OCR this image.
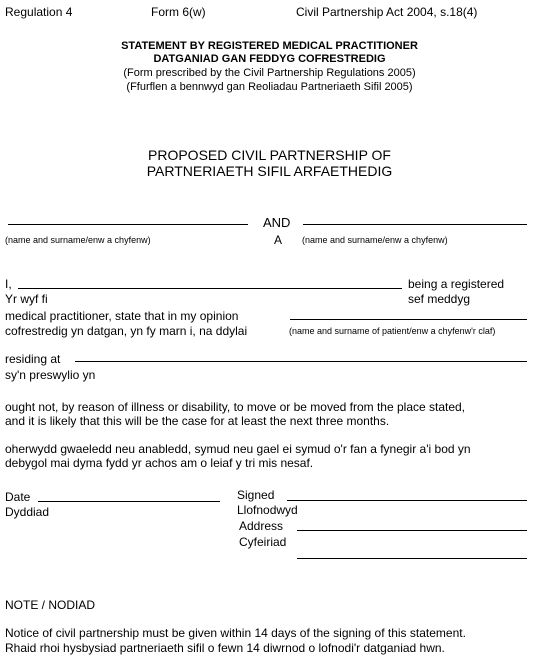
Regulation 4	Form 6(w)	Civil Partnership Act 2004, s.18(4)
STATEMENT BY REGISTERED MEDICAL PRACTITIONER
DATGANIAD GAN FEDDYG COFRESTREDIG
(Form prescribed by the Civil Partnership Regulations 2005)
(Ffurflen a bennwyd gan Reoliadau Partneriaeth Sifil 2005)
PROPOSED CIVIL PARTNERSHIP OF
PARTNERIAETH SIFIL ARFAETHEDIG
AND
(name and surname/enw a chyfenw)	A (name and surname/enw a chyfenw)
I,	being a registered
Yr wyf fi	sef meddyg
medical practitioner, state that in my opinion
cofrestredig yn datgan, yn fy marn i, na ddylai	(name and surname of patient/enw a chyfenw'r claf)
residing at
sy'n preswylio yn
ought not, by reason of illness or disability, to move or be moved from the place stated,
and it is likely that this will be the case for at least the next three months.
oherwydd gwaeledd neu anabledd, symud neu gael ei symud o'r fan a fynegir a'i bod yn
debygol mai dyma fydd yr achos am o leiaf y tri mis nesaf.
Date
Dyddiad
Signed
Llofnodwyd
Address
Cyfeiriad
NOTE / NODIAD
Notice of civil partnership must be given within 14 days of the signing of this statement.
Rhaid rhoi hysbysiad partneriaeth sifil o fewn 14 diwrnod o lofnodi'r datganiad hwn.
